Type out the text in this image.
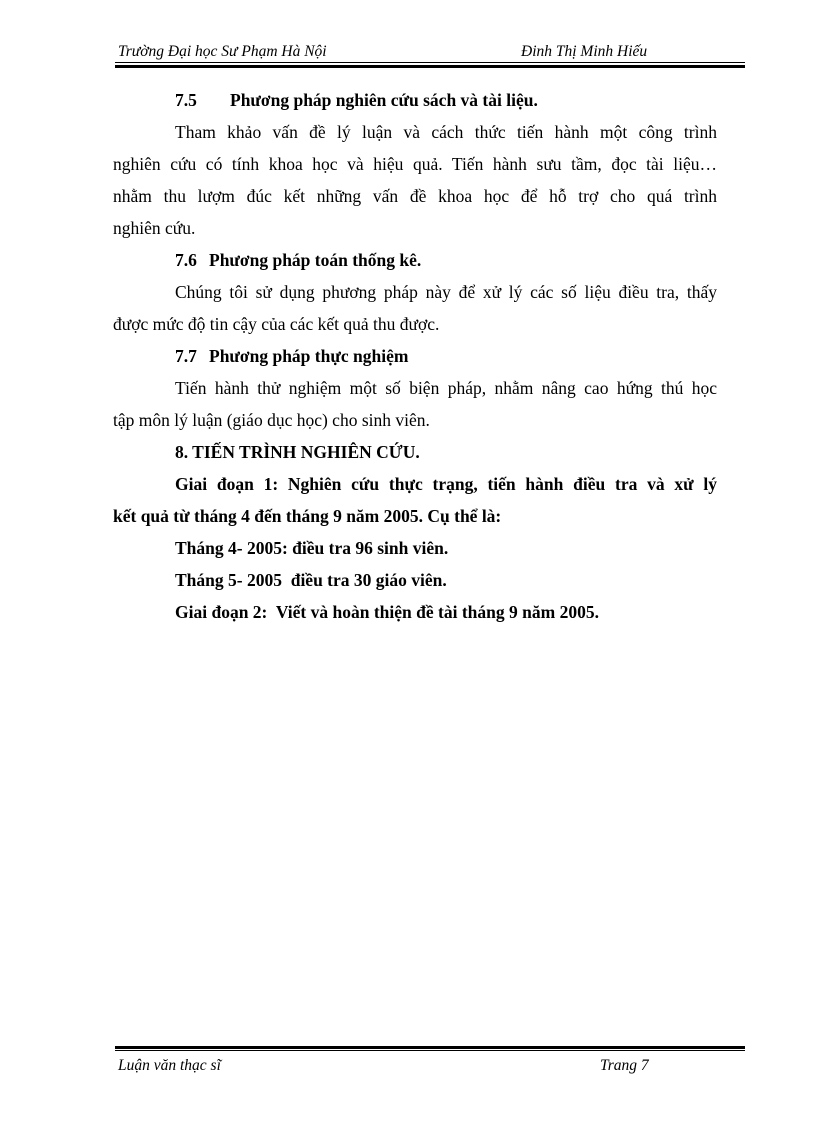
Trường Đại học Sư Phạm Hà Nội	Đinh Thị Minh Hiếu
7.5 Phương pháp nghiên cứu sách và tài liệu.
Tham khảo vấn đề lý luận và cách thức tiến hành một công trình
nghiên cứu có tính khoa học và hiệu quả. Tiến hành sưu tầm, đọc tài liệu…
nhằm thu lượm đúc kết những vấn đề khoa học để hỗ trợ cho quá trình
nghiên cứu.
7.6 Phương pháp toán thống kê.
Chúng tôi sử dụng phương pháp này để xử lý các số liệu điều tra, thấy
được mức độ tin cậy của các kết quả thu được.
7.7 Phương pháp thực nghiệm
Tiến hành thử nghiệm một số biện pháp, nhằm nâng cao hứng thú học
tập môn lý luận (giáo dục học) cho sinh viên.
8. TIẾN TRÌNH NGHIÊN CỨU.
Giai đoạn 1: Nghiên cứu thực trạng, tiến hành điều tra và xử lý
kết quả từ tháng 4 đến tháng 9 năm 2005. Cụ thể là:
Tháng 4- 2005: điều tra 96 sinh viên.
Tháng 5- 2005  điều tra 30 giáo viên.
Giai đoạn 2:  Viết và hoàn thiện đề tài tháng 9 năm 2005.
Luận văn thạc sĩ	Trang 7
